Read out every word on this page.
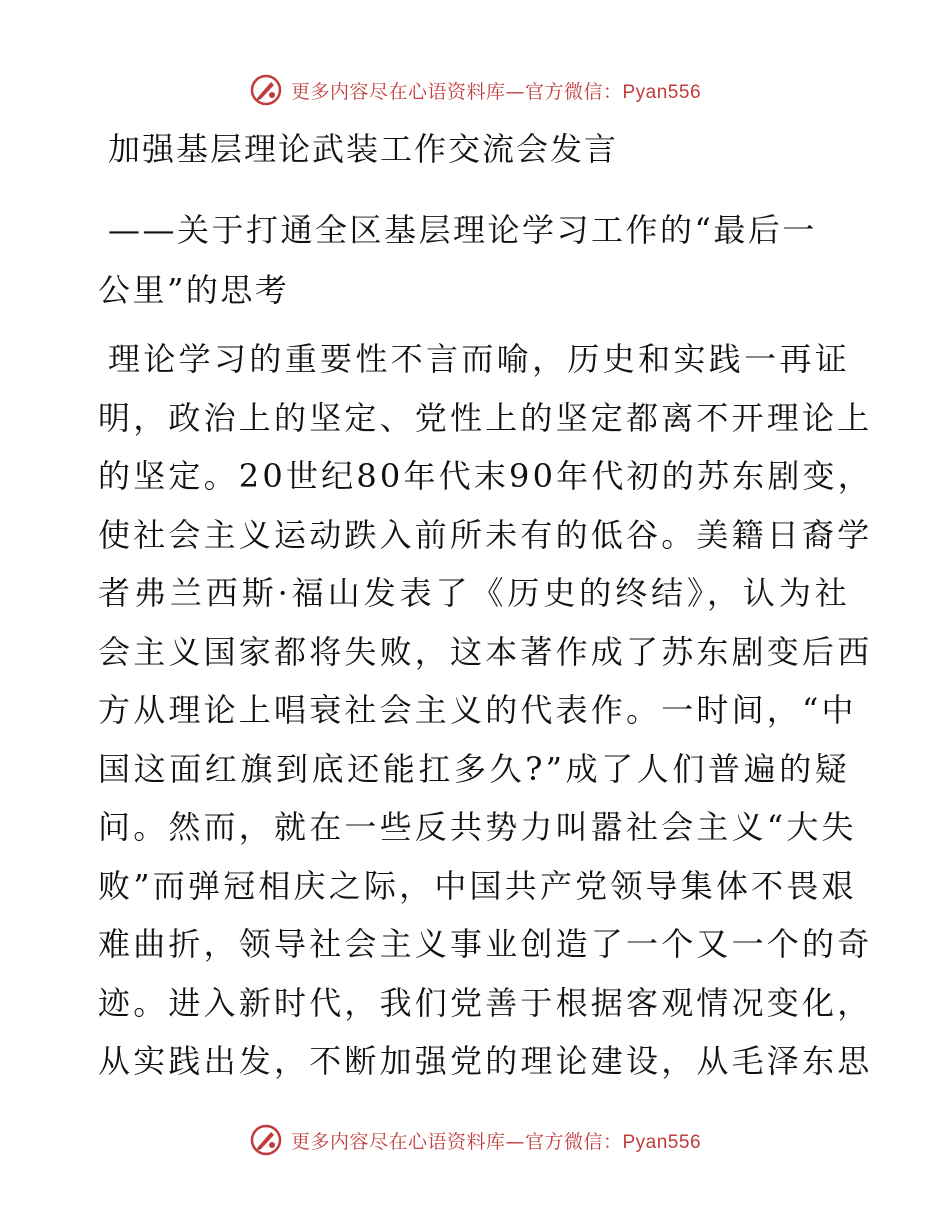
更多内容尽在心语资料库—官方微信：Pyan556
加强基层理论武装工作交流会发言
——关于打通全区基层理论学习工作的“最后一
公里”的思考
理论学习的重要性不言而喻，历史和实践一再证
明，政治上的坚定、党性上的坚定都离不开理论上
的坚定。20世纪80年代末90年代初的苏东剧变，
使社会主义运动跌入前所未有的低谷。美籍日裔学
者弗兰西斯·福山发表了《历史的终结》，认为社
会主义国家都将失败，这本著作成了苏东剧变后西
方从理论上唱衰社会主义的代表作。一时间，“中
国这面红旗到底还能扛多久?”成了人们普遍的疑
问。然而，就在一些反共势力叫嚣社会主义“大失
败”而弹冠相庆之际，中国共产党领导集体不畏艰
难曲折，领导社会主义事业创造了一个又一个的奇
迹。进入新时代，我们党善于根据客观情况变化，
从实践出发，不断加强党的理论建设，从毛泽东思
更多内容尽在心语资料库—官方微信：Pyan556
